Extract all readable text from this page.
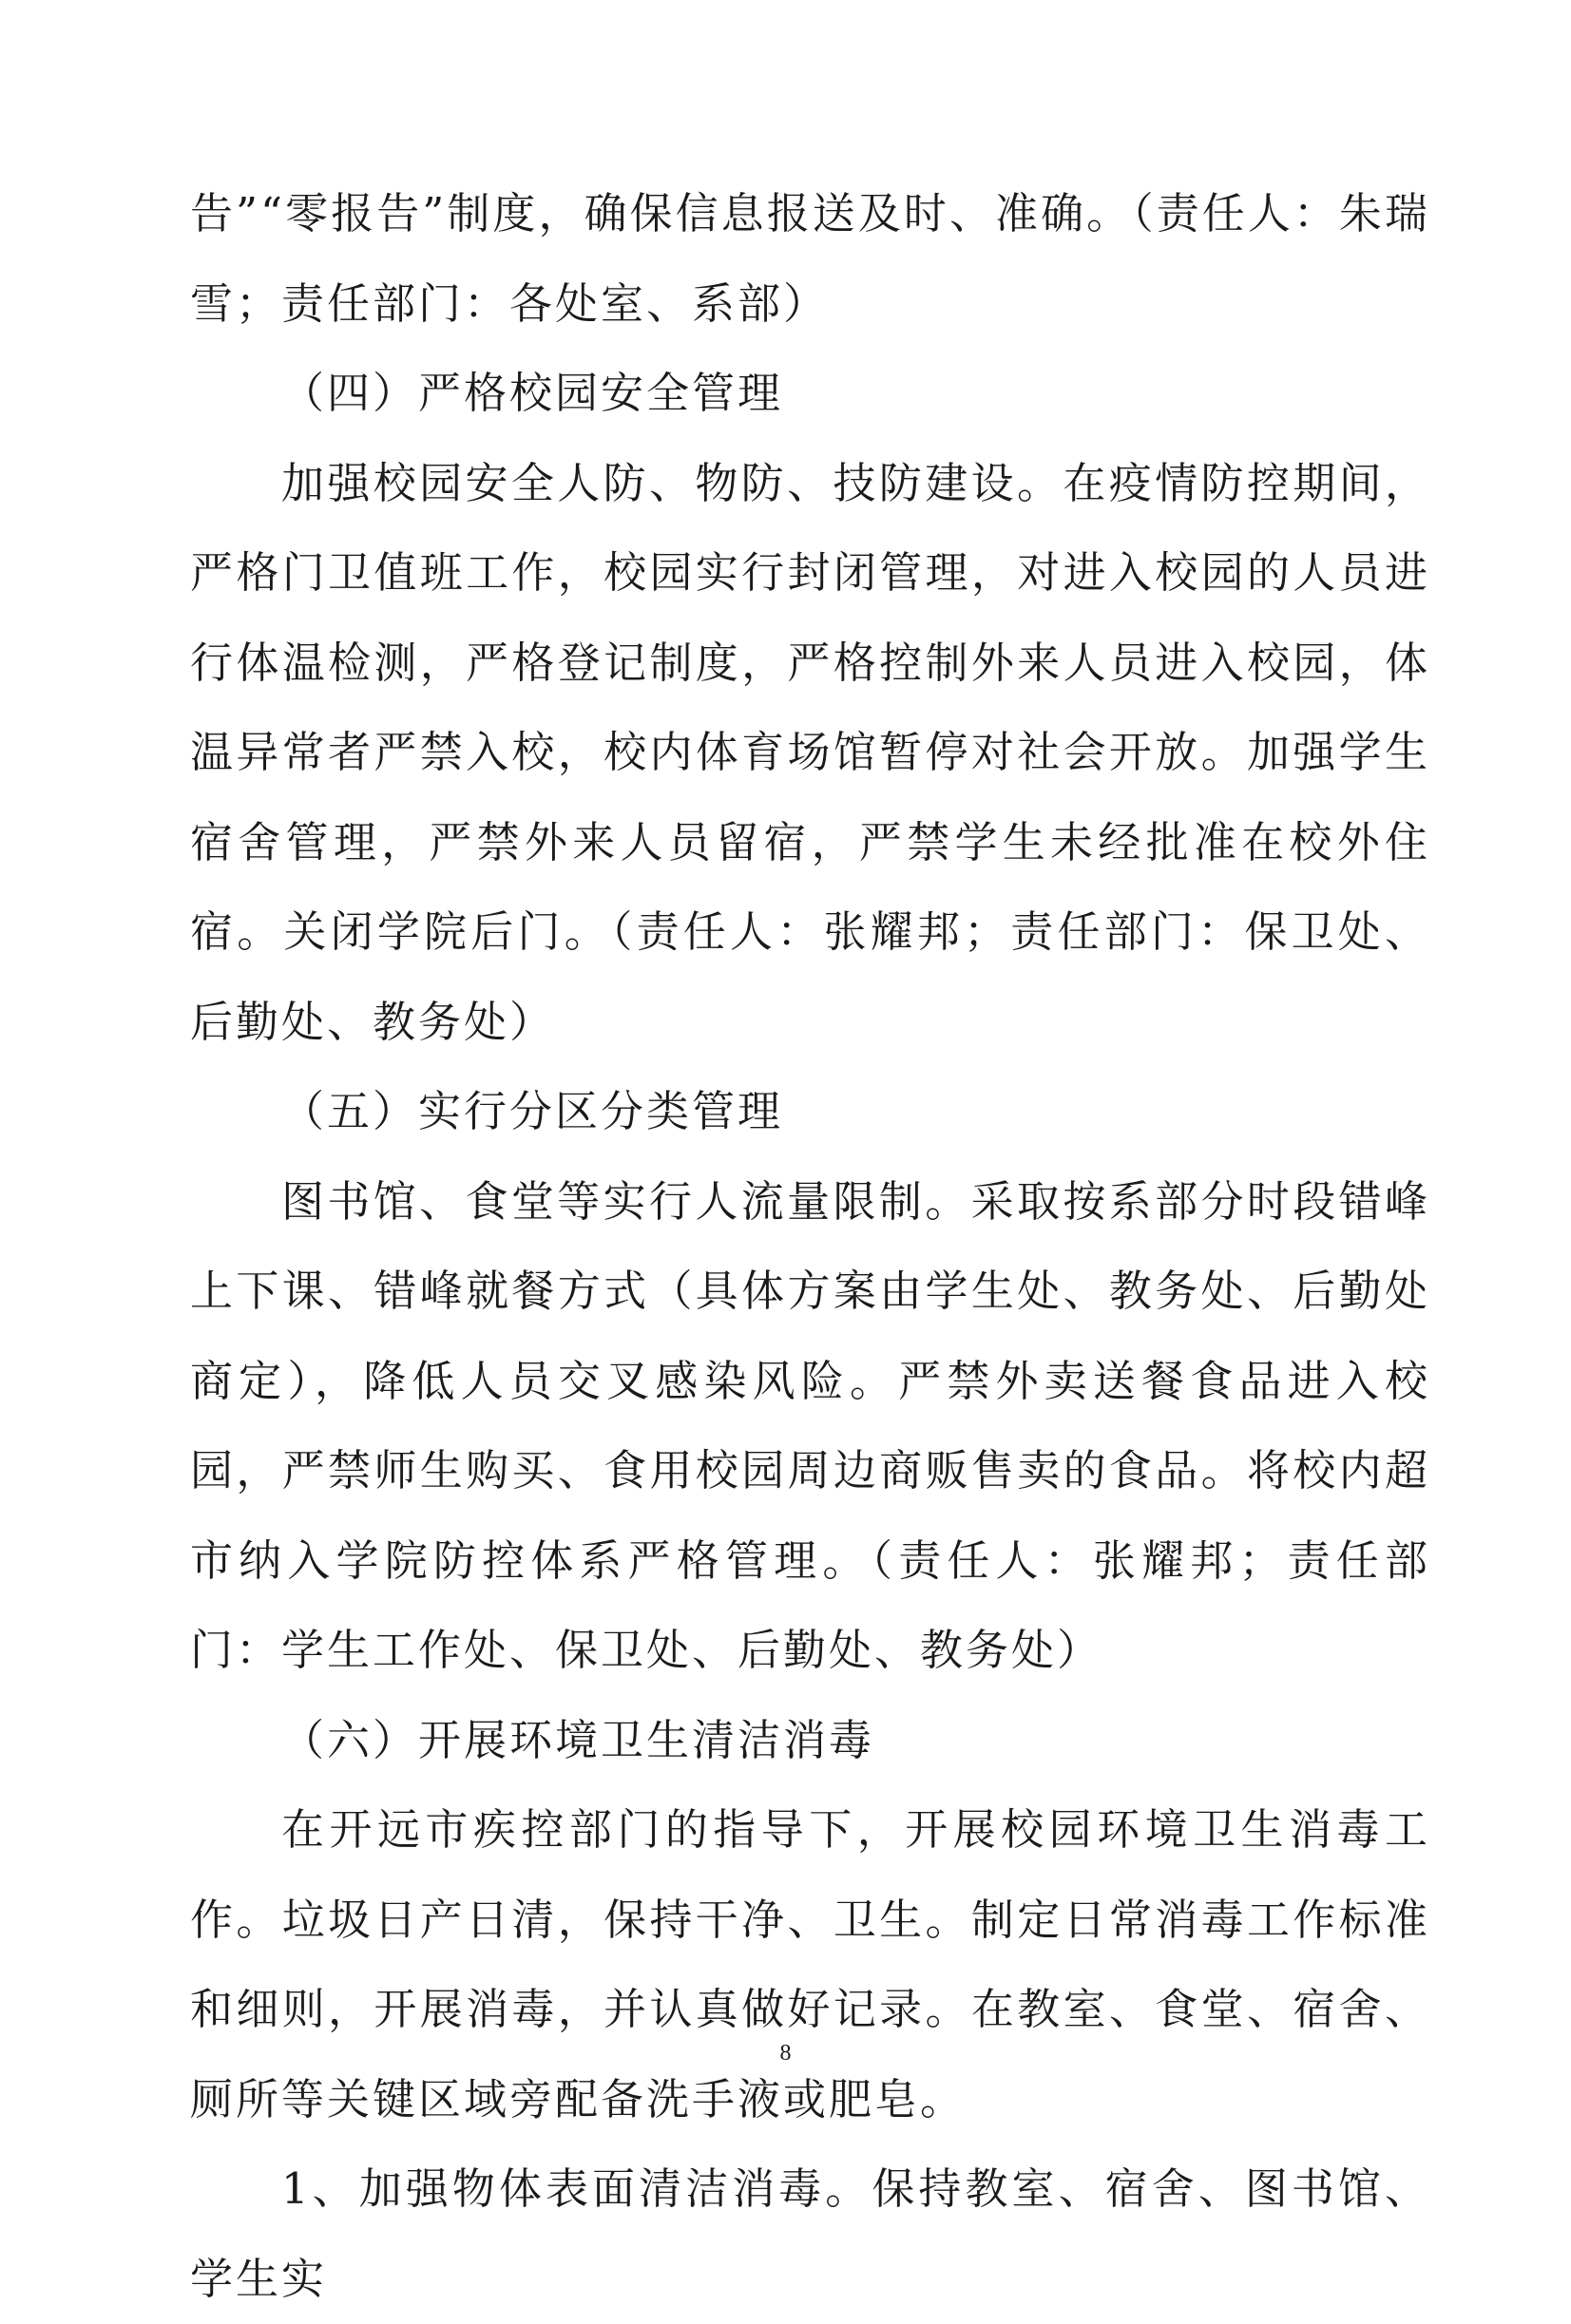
告”“零报告”制度，确保信息报送及时、准确。（责任人：朱瑞雪；责任部门：各处室、系部）

（四）严格校园安全管理

加强校园安全人防、物防、技防建设。在疫情防控期间，严格门卫值班工作，校园实行封闭管理，对进入校园的人员进行体温检测，严格登记制度，严格控制外来人员进入校园，体温异常者严禁入校，校内体育场馆暂停对社会开放。加强学生宿舍管理，严禁外来人员留宿，严禁学生未经批准在校外住宿。关闭学院后门。（责任人：张耀邦；责任部门：保卫处、后勤处、教务处）

（五）实行分区分类管理

图书馆、食堂等实行人流量限制。采取按系部分时段错峰上下课、错峰就餐方式（具体方案由学生处、教务处、后勤处商定），降低人员交叉感染风险。严禁外卖送餐食品进入校园，严禁师生购买、食用校园周边商贩售卖的食品。将校内超市纳入学院防控体系严格管理。（责任人：张耀邦；责任部门：学生工作处、保卫处、后勤处、教务处）

（六）开展环境卫生清洁消毒

在开远市疾控部门的指导下，开展校园环境卫生消毒工作。垃圾日产日清，保持干净、卫生。制定日常消毒工作标准和细则，开展消毒，并认真做好记录。在教室、食堂、宿舍、厕所等关键区域旁配备洗手液或肥皂。

1、加强物体表面清洁消毒。保持教室、宿舍、图书馆、学生实

8
